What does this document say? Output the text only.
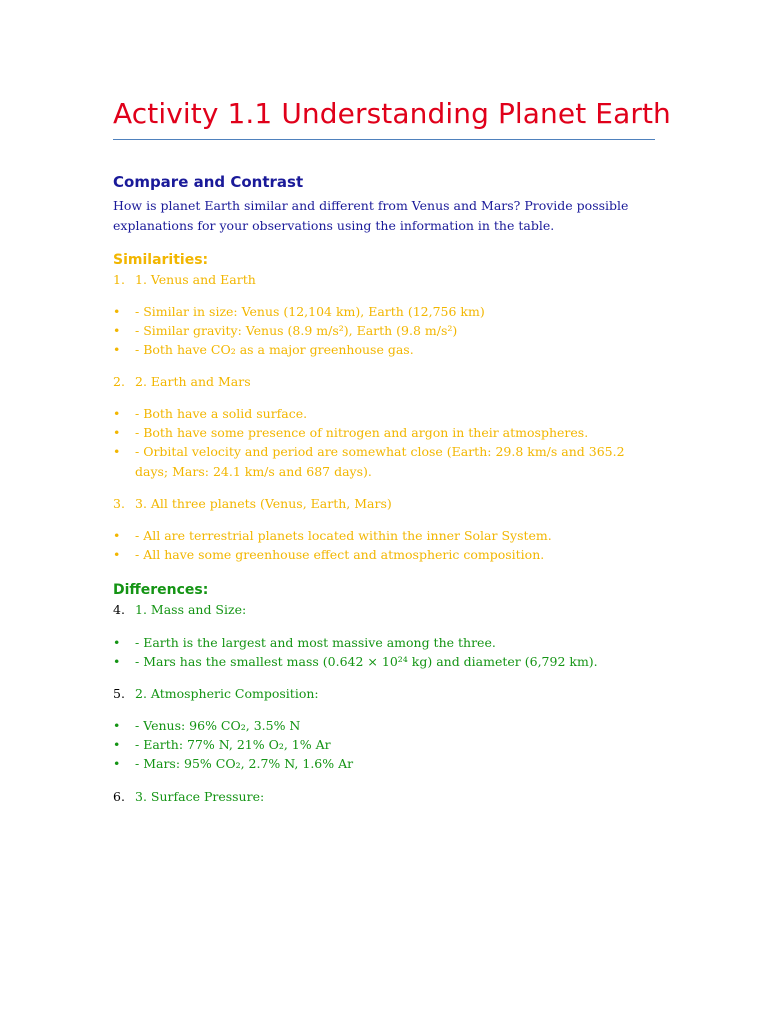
Activity 1.1 Understanding Planet Earth
Compare and Contrast
How is planet Earth similar and different from Venus and Mars? Provide possible explanations for your observations using the information in the table.
Similarities:
1. 1. Venus and Earth
•	- Similar in size: Venus (12,104 km), Earth (12,756 km)
•	- Similar gravity: Venus (8.9 m/s²), Earth (9.8 m/s²)
•	- Both have CO₂ as a major greenhouse gas.
2. 2. Earth and Mars
•	- Both have a solid surface.
•	- Both have some presence of nitrogen and argon in their atmospheres.
•	- Orbital velocity and period are somewhat close (Earth: 29.8 km/s and 365.2 days; Mars: 24.1 km/s and 687 days).
3. 3. All three planets (Venus, Earth, Mars)
•	- All are terrestrial planets located within the inner Solar System.
•	- All have some greenhouse effect and atmospheric composition.
Differences:
4. 1. Mass and Size:
•	- Earth is the largest and most massive among the three.
•	- Mars has the smallest mass (0.642 × 10²⁴ kg) and diameter (6,792 km).
5. 2. Atmospheric Composition:
•	- Venus: 96% CO₂, 3.5% N
•	- Earth: 77% N, 21% O₂, 1% Ar
•	- Mars: 95% CO₂, 2.7% N, 1.6% Ar
6. 3. Surface Pressure:
